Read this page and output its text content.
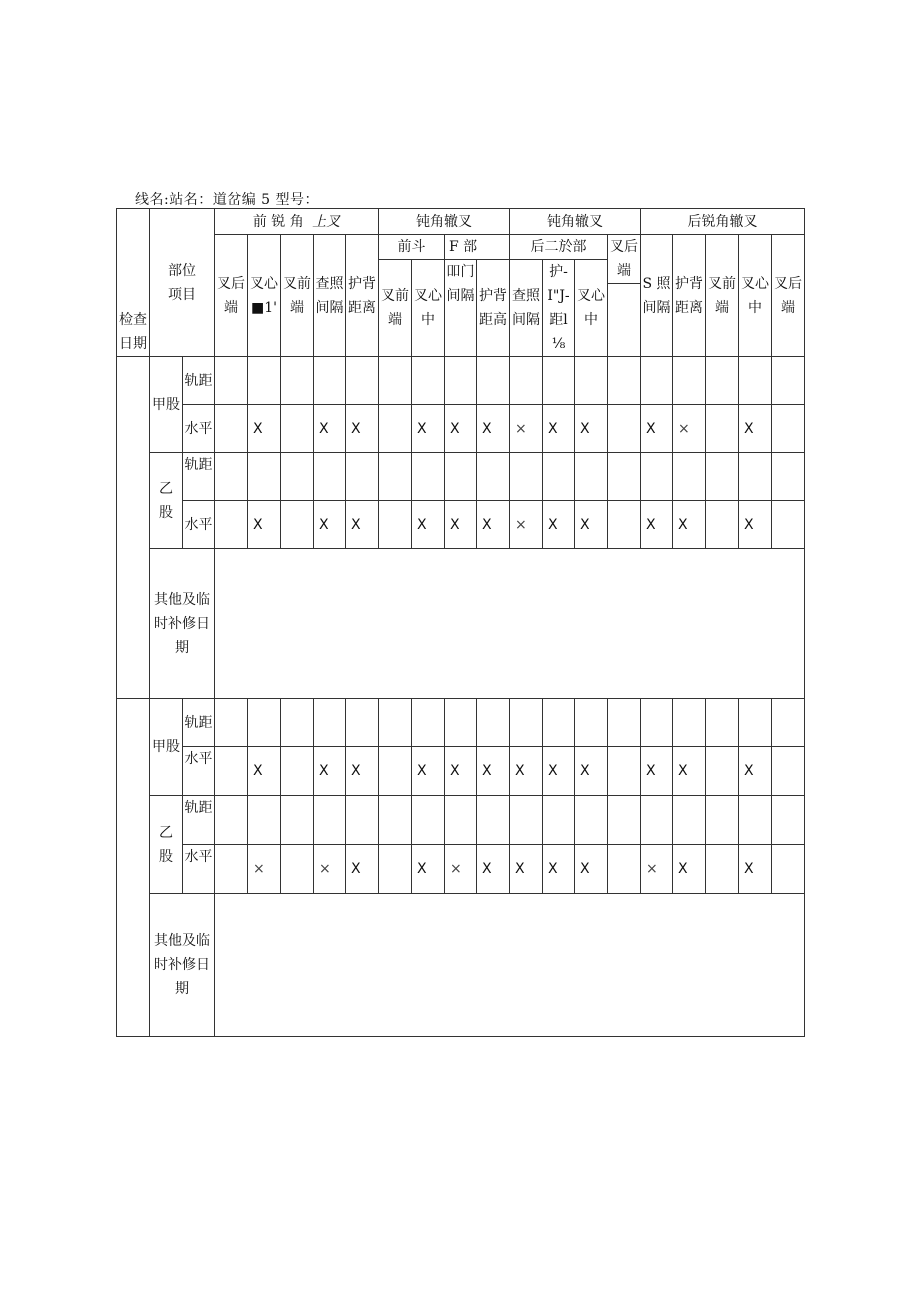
线名:站名：道岔编 5 型号：
检查日期	部位项目		前 锐 角 上叉					钝角辙叉				钝角辙叉				后锐角辙叉				
			叉后端	叉心■1'	叉前端	查照间隔	护背距离	前斗		F 部		后二於部			叉后端	S 照间隔	护背距离	叉前端	叉心中	叉后端
								叉前端	叉心中	吅门间隔	护背距高	查照间隔	护-I"J-距l⅛	叉心中						

	甲股	轨距																		
		水平		X		X	X		X	X	X	×	X	X		X	×		X	

	乙股	轨距																		
		水平		X		X	X		X	X	X	×	X	X		X	X		X	

	其他及临时补修日期																			

	甲股	轨距																		
		水平		X		X	X		X	X	X	X	X	X		X	X		X	

	乙股	轨距																		
		水平		×		×	X		X	×	X	X	X	X		×	X		X	

	其他及临时补修日期																			
